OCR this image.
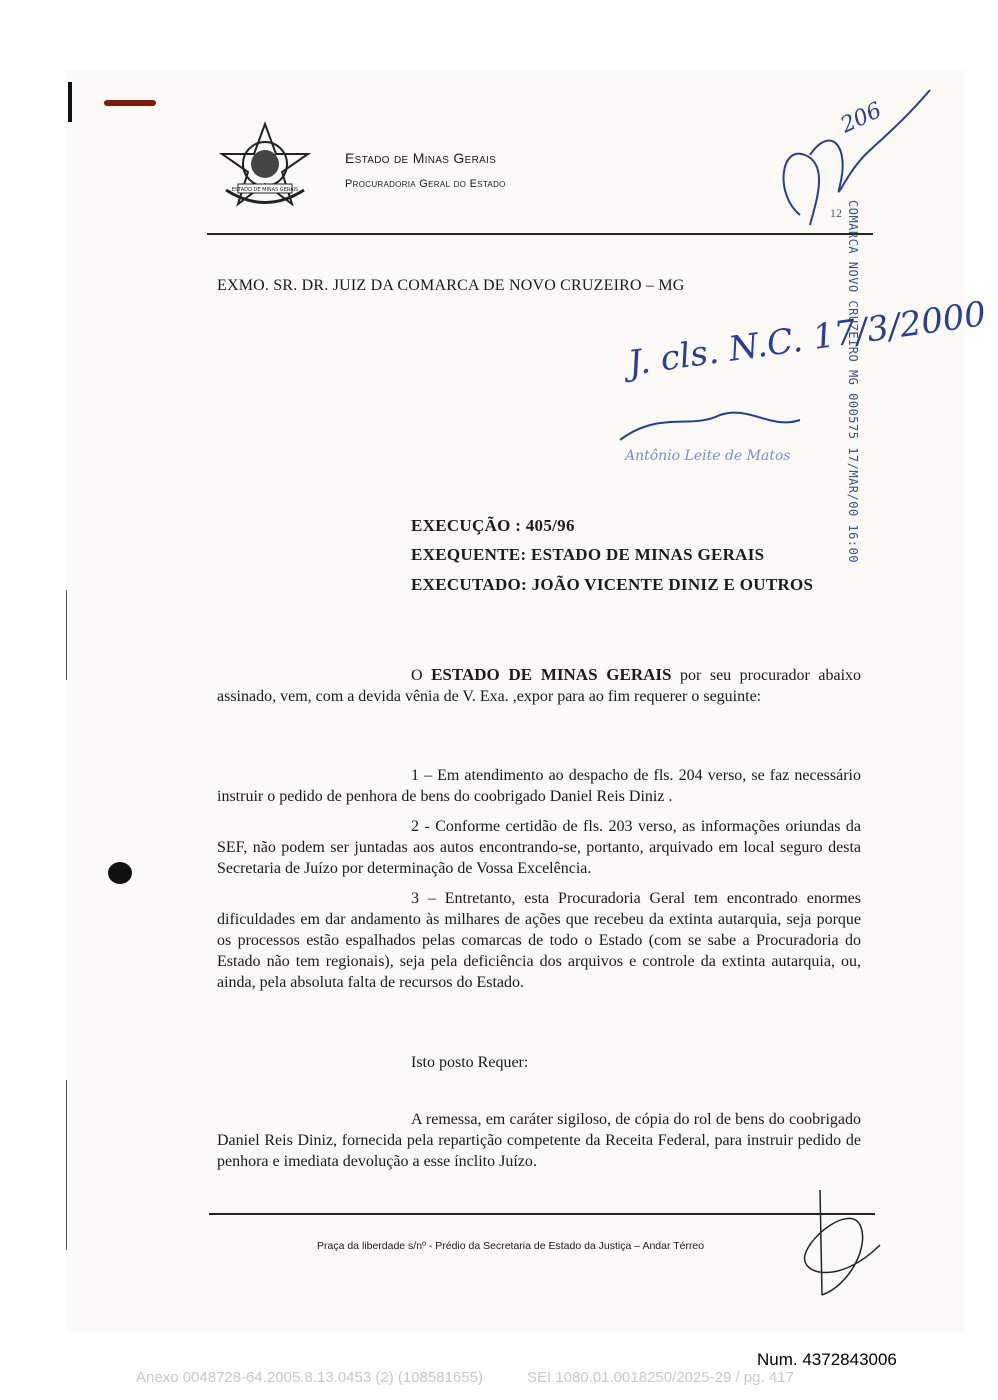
ESTADO DE MINAS GERAIS
Estado de Minas Gerais
Procuradoria Geral do Estado
12
206
COMARCA NOVO CRUZEIRO MG 000575 17/MAR/00 16:00
EXMO. SR. DR. JUIZ DA COMARCA DE NOVO CRUZEIRO – MG
J. cls. N.C. 17/3/2000
Antônio Leite de Matos
EXECUÇÃO : 405/96
EXEQUENTE: ESTADO DE MINAS GERAIS
EXECUTADO: JOÃO VICENTE DINIZ E OUTROS
O ESTADO DE MINAS GERAIS por seu procurador abaixo assinado, vem, com a devida vênia de V. Exa. ,expor para ao fim requerer o seguinte:
1 – Em atendimento ao despacho de fls. 204 verso, se faz necessário instruir o pedido de penhora de bens do coobrigado Daniel Reis Diniz .
2 - Conforme certidão de fls. 203 verso, as informações oriundas da SEF, não podem ser juntadas aos autos encontrando-se, portanto, arquivado em local seguro desta Secretaria de Juízo por determinação de Vossa Excelência.
3 – Entretanto, esta Procuradoria Geral tem encontrado enormes dificuldades em dar andamento às milhares de ações que recebeu da extinta autarquia, seja porque os processos estão espalhados pelas comarcas de todo o Estado (com se sabe a Procuradoria do Estado não tem regionais), seja pela deficiência dos arquivos e controle da extinta autarquia, ou, ainda, pela absoluta falta de recursos do Estado.
Isto posto Requer:
A remessa, em caráter sigiloso, de cópia do rol de bens do coobrigado Daniel Reis Diniz, fornecida pela repartição competente da Receita Federal, para instruir pedido de penhora e imediata devolução a esse ínclito Juízo.
Praça da liberdade s/nº - Prédio da Secretaria de Estado da Justiça – Andar Térreo
Num. 4372843006
Anexo 0048728-64.2005.8.13.0453 (2) (108581655)	SEI 1080.01.0018250/2025-29 / pg. 417
